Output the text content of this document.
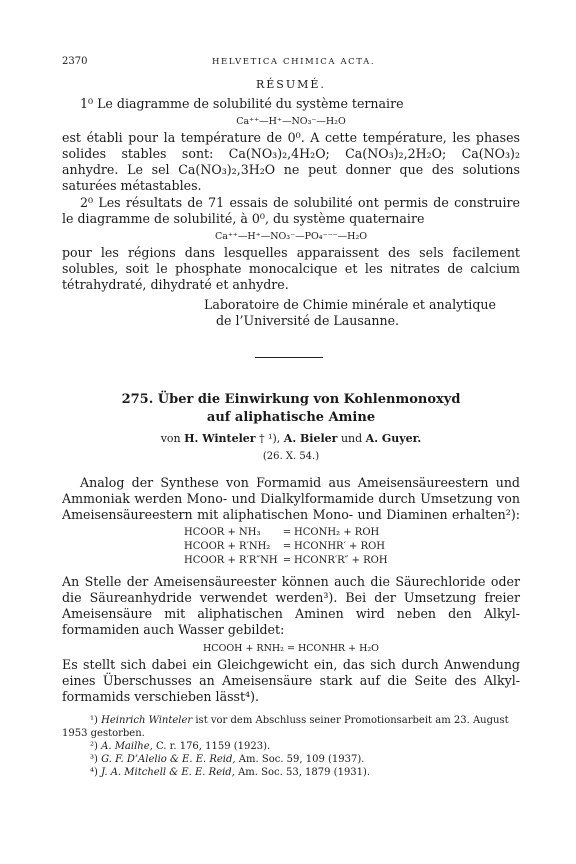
2370	HELVETICA CHIMICA ACTA.
RÉSUMÉ.
1⁰ Le diagramme de solubilité du système ternaire
Ca⁺⁺—H⁺—NO₃⁻—H₂O
est établi pour la température de 0⁰. A cette température, les phases
solides stables sont: Ca(NO₃)₂,4H₂O; Ca(NO₃)₂,2H₂O; Ca(NO₃)₂
anhydre. Le sel Ca(NO₃)₂,3H₂O ne peut donner que des solutions
saturées métastables.
2⁰ Les résultats de 71 essais de solubilité ont permis de construire
le diagramme de solubilité, à 0⁰, du système quaternaire
Ca⁺⁺—H⁺—NO₃⁻—PO₄⁻⁻⁻—H₂O
pour les régions dans lesquelles apparaissent des sels facilement
solubles, soit le phosphate monocalcique et les nitrates de calcium
tétrahydraté, dihydraté et anhydre.
Laboratoire de Chimie minérale et analytique
de l’Université de Lausanne.
275. Über die Einwirkung von Kohlenmonoxyd
auf aliphatische Amine
von H. Winteler † ¹), A. Bieler und A. Guyer.
(26. X. 54.)
Analog der Synthese von Formamid aus Ameisensäureestern und
Ammoniak werden Mono- und Dialkylformamide durch Umsetzung von
Ameisensäureestern mit aliphatischen Mono- und Diaminen erhalten²):
HCOOR + NH₃ = HCONH₂ + ROH
HCOOR + R′NH₂ = HCONHR′ + ROH
HCOOR + R′R″NH = HCONR′R″ + ROH
An Stelle der Ameisensäureester können auch die Säurechloride oder
die Säureanhydride verwendet werden³). Bei der Umsetzung freier
Ameisensäure mit aliphatischen Aminen wird neben den Alkyl-
formamiden auch Wasser gebildet:
HCOOH + RNH₂ = HCONHR + H₂O
Es stellt sich dabei ein Gleichgewicht ein, das sich durch Anwendung
eines Überschusses an Ameisensäure stark auf die Seite des Alkyl-
formamids verschieben lässt⁴).
¹) Heinrich Winteler ist vor dem Abschluss seiner Promotionsarbeit am 23. August
1953 gestorben.
²) A. Mailhe, C. r. 176, 1159 (1923).
³) G. F. D’Alelio & E. E. Reid, Am. Soc. 59, 109 (1937).
⁴) J. A. Mitchell & E. E. Reid, Am. Soc. 53, 1879 (1931).
